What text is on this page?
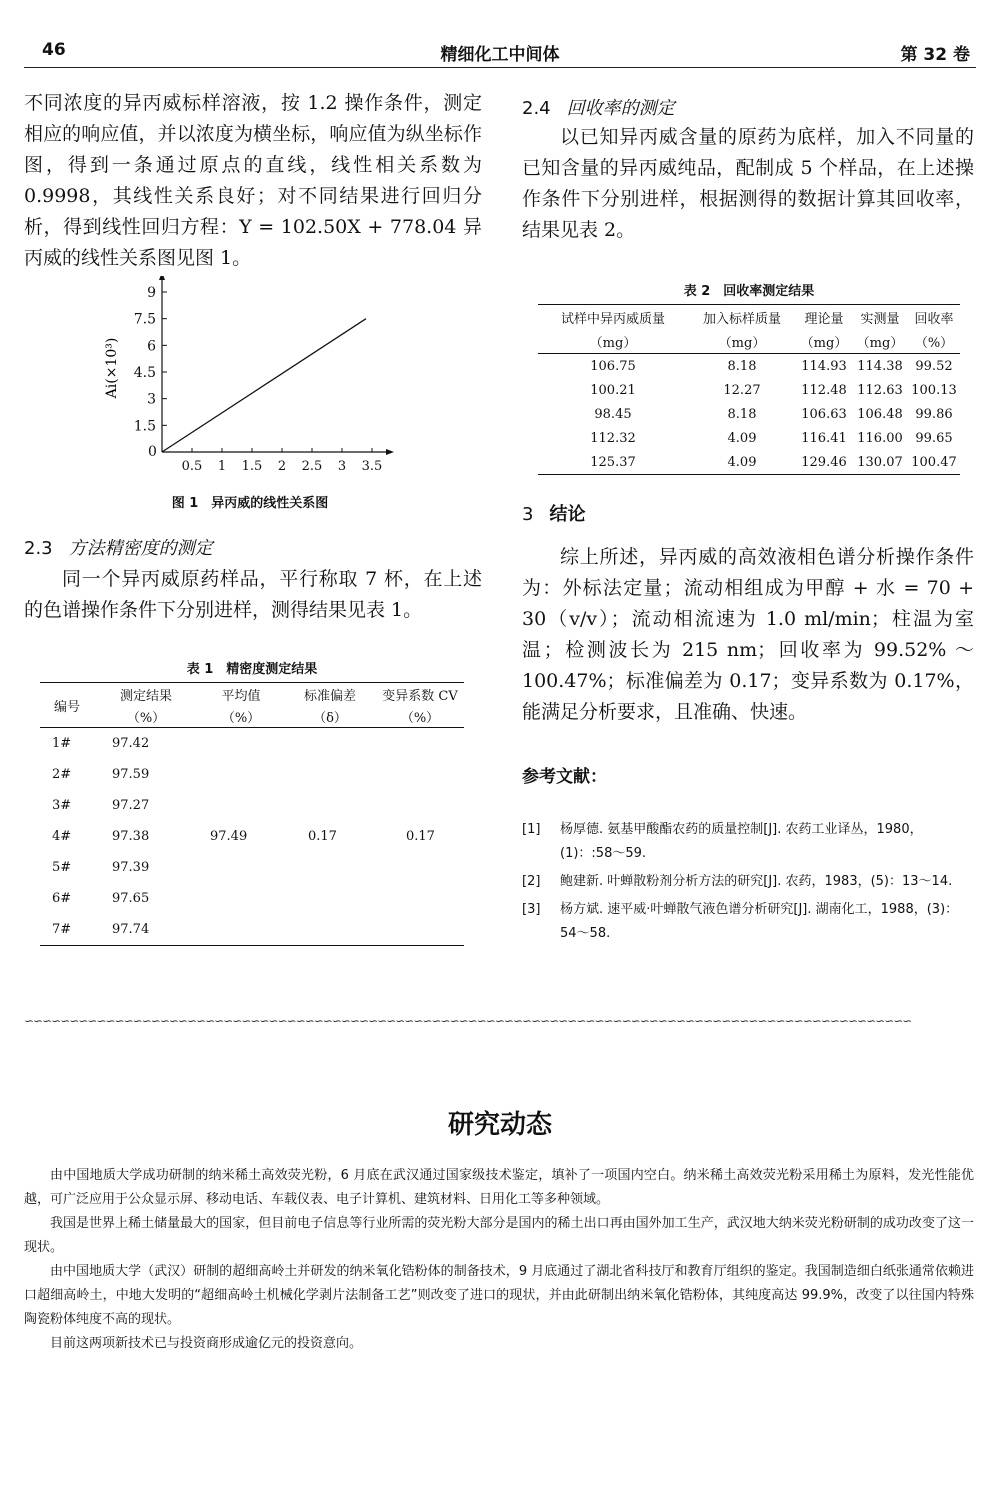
46	精细化工中间体	第 32 卷
不同浓度的异丙威标样溶液，按 1.2 操作条件，测定相应的响应值，并以浓度为横坐标，响应值为纵坐标作图，得到一条通过原点的直线，线性相关系数为 0.9998，其线性关系良好；对不同结果进行回归分析，得到线性回归方程：Y = 102.50X + 778.04 异丙威的线性关系图见图 1。
Ai(×10³)
0
1.5
3
4.5
6
7.5
9
0.5 1 1.5 2 2.5 3 3.5
图 1　异丙威的线性关系图
2.3 方法精密度的测定
同一个异丙威原药样品，平行称取 7 杯，在上述的色谱操作条件下分别进样，测得结果见表 1。
表 1　精密度测定结果
编号	测定结果	平均值	标准偏差	变异系数 CV
	（%）	（%）	（δ）	（%）
1#	97.42			
2#	97.59			
3#	97.27			
4#	97.38	97.49	0.17	0.17
5#	97.39			
6#	97.65			
7#	97.74			
2.4 回收率的测定
以已知异丙威含量的原药为底样，加入不同量的已知含量的异丙威纯品，配制成 5 个样品，在上述操作条件下分别进样，根据测得的数据计算其回收率，结果见表 2。
表 2　回收率测定结果
试样中异丙威质量	加入标样质量	理论量	实测量	回收率
（mg）	（mg）	（mg）	（mg）	（%）
106.75	8.18	114.93	114.38	99.52
100.21	12.27	112.48	112.63	100.13
98.45	8.18	106.63	106.48	99.86
112.32	4.09	116.41	116.00	99.65
125.37	4.09	129.46	130.07	100.47
3 结论
综上所述，异丙威的高效液相色谱分析操作条件为：外标法定量；流动相组成为甲醇 + 水 = 70 + 30（v/v）；流动相流速为 1.0 ml/min；柱温为室温；检测波长为 215 nm；回收率为 99.52% ～ 100.47%；标准偏差为 0.17；变异系数为 0.17%，能满足分析要求，且准确、快速。
参考文献：
[1]	杨厚德. 氨基甲酸酯农药的质量控制[J]. 农药工业译丛，1980，(1)：:58～59.
[2]	鲍建新. 叶蝉散粉剂分析方法的研究[J]. 农药，1983，(5)：13～14.
[3]	杨方斌. 速平威·叶蝉散气液色谱分析研究[J]. 湖南化工，1988，(3)：54～58.
∽∽∽∽∽∽∽∽∽∽∽∽∽∽∽∽∽∽∽∽∽∽∽∽∽∽∽∽∽∽∽∽∽∽∽∽∽∽∽∽∽∽∽∽∽∽∽∽∽∽∽∽∽∽∽∽∽∽∽∽∽∽∽∽∽∽∽∽∽∽∽∽∽∽∽∽∽∽∽∽∽∽∽∽∽∽∽∽∽∽∽∽∽∽∽∽∽∽
研究动态
由中国地质大学成功研制的纳米稀土高效荧光粉，6 月底在武汉通过国家级技术鉴定，填补了一项国内空白。纳米稀土高效荧光粉采用稀土为原料，发光性能优越，可广泛应用于公众显示屏、移动电话、车载仪表、电子计算机、建筑材料、日用化工等多种领域。
我国是世界上稀土储量最大的国家，但目前电子信息等行业所需的荧光粉大部分是国内的稀土出口再由国外加工生产，武汉地大纳米荧光粉研制的成功改变了这一现状。
由中国地质大学（武汉）研制的超细高岭土并研发的纳米氧化锆粉体的制备技术，9 月底通过了湖北省科技厅和教育厅组织的鉴定。我国制造细白纸张通常依赖进口超细高岭土，中地大发明的“超细高岭土机械化学剥片法制备工艺”则改变了进口的现状，并由此研制出纳米氧化锆粉体，其纯度高达 99.9%，改变了以往国内特殊陶瓷粉体纯度不高的现状。
目前这两项新技术已与投资商形成逾亿元的投资意向。
